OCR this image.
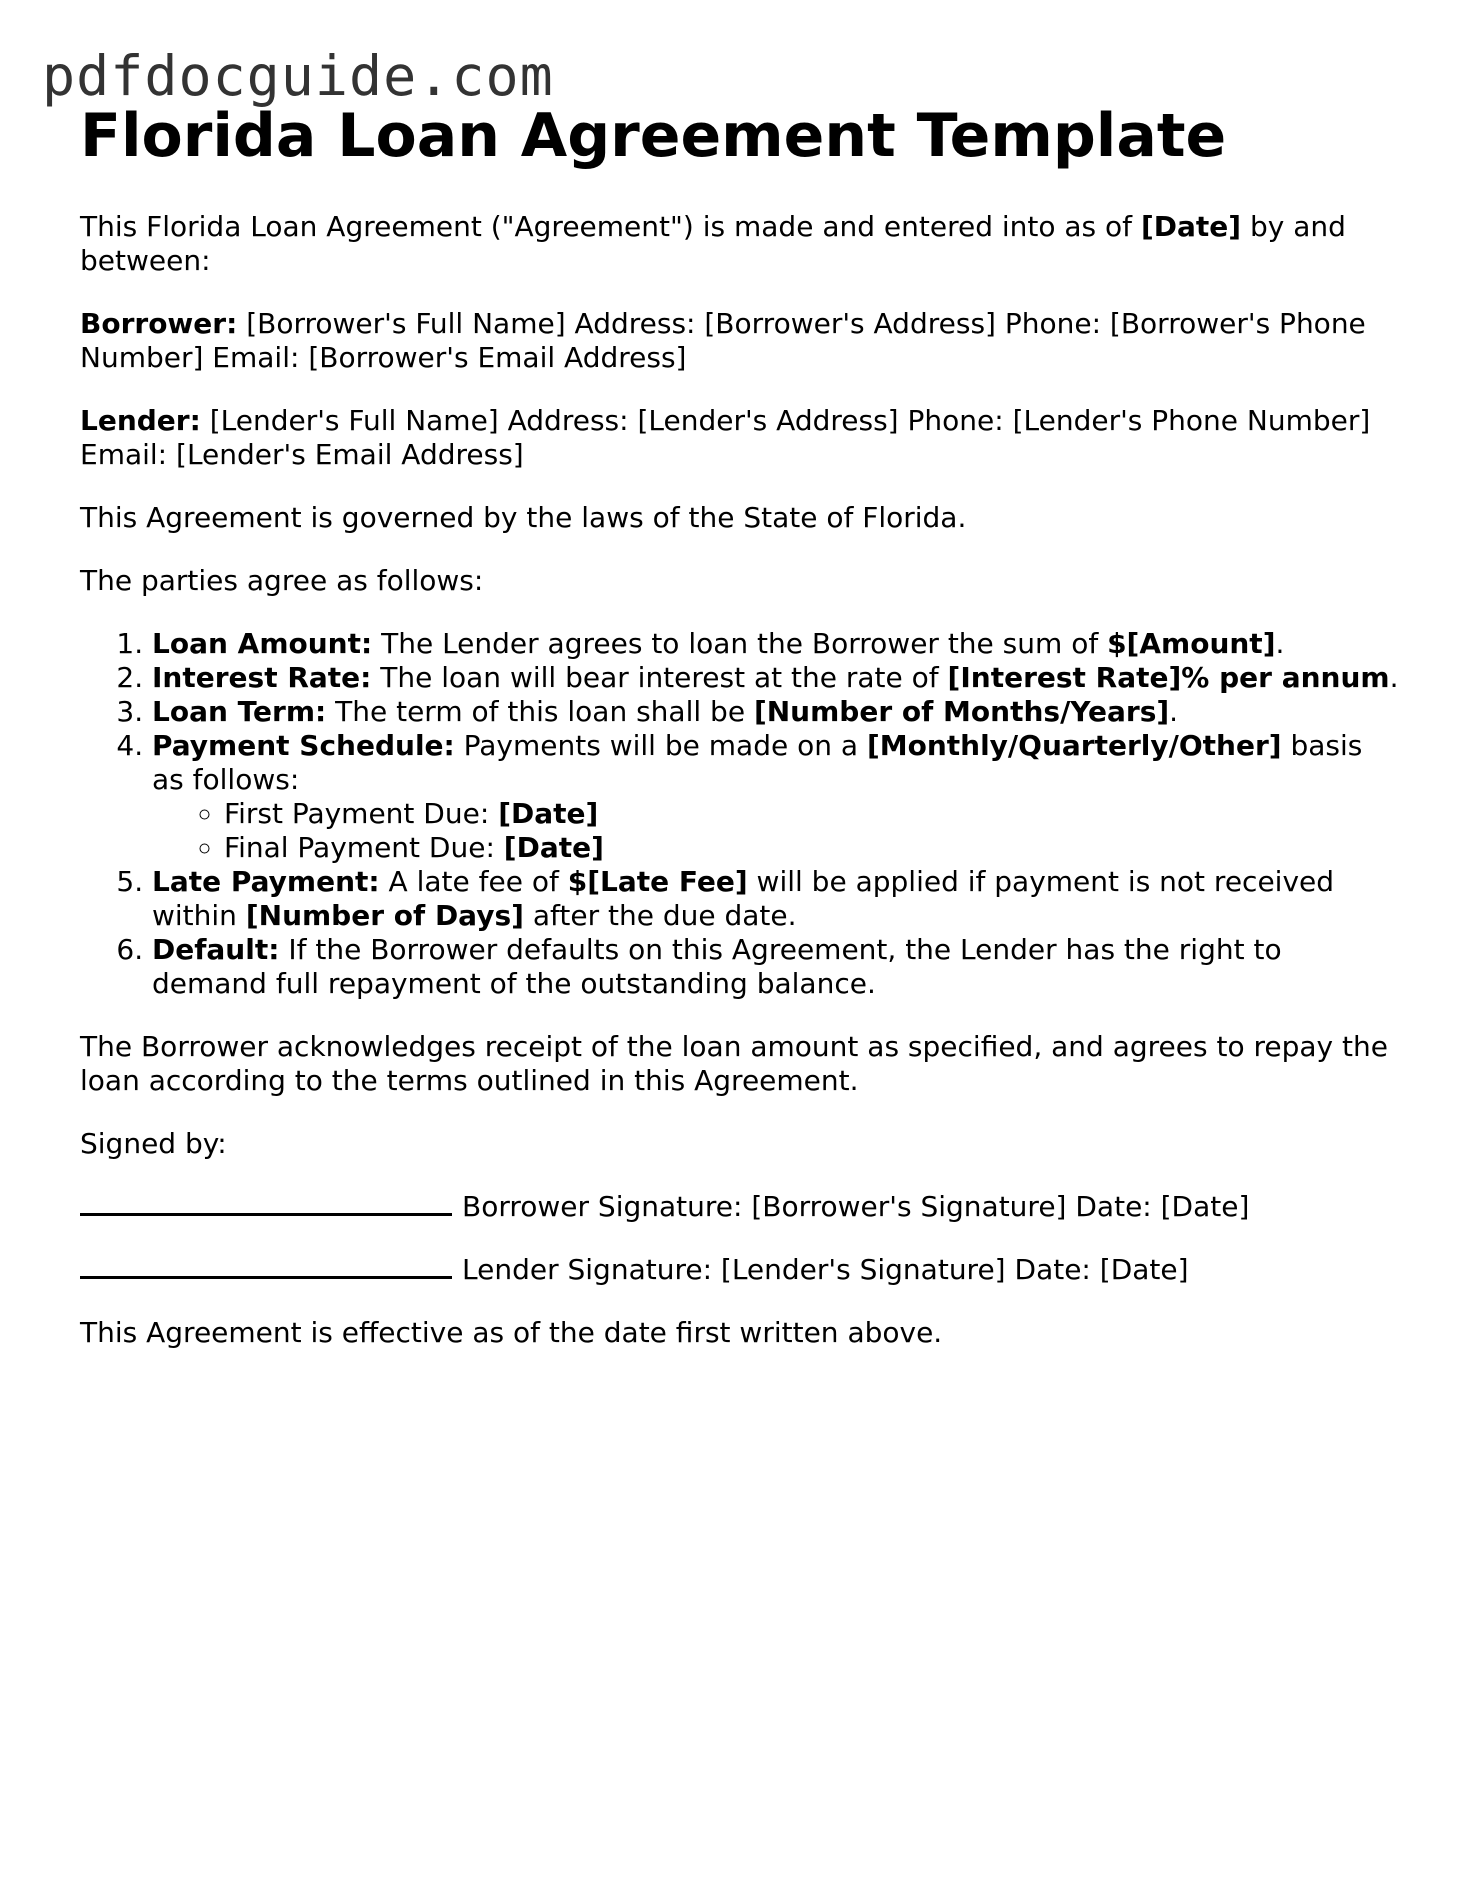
pdfdocguide.com
Florida Loan Agreement Template

This Florida Loan Agreement ("Agreement") is made and entered into as of [Date] by and between:

Borrower: [Borrower's Full Name] Address: [Borrower's Address] Phone: [Borrower's Phone Number] Email: [Borrower's Email Address]

Lender: [Lender's Full Name] Address: [Lender's Address] Phone: [Lender's Phone Number] Email: [Lender's Email Address]

This Agreement is governed by the laws of the State of Florida.

The parties agree as follows:

1. Loan Amount: The Lender agrees to loan the Borrower the sum of $[Amount].
2. Interest Rate: The loan will bear interest at the rate of [Interest Rate]% per annum.
3. Loan Term: The term of this loan shall be [Number of Months/Years].
4. Payment Schedule: Payments will be made on a [Monthly/Quarterly/Other] basis as follows:
◦ First Payment Due: [Date]
◦ Final Payment Due: [Date]
5. Late Payment: A late fee of $[Late Fee] will be applied if payment is not received within [Number of Days] after the due date.
6. Default: If the Borrower defaults on this Agreement, the Lender has the right to demand full repayment of the outstanding balance.

The Borrower acknowledges receipt of the loan amount as specified, and agrees to repay the loan according to the terms outlined in this Agreement.

Signed by:

Borrower Signature: [Borrower's Signature] Date: [Date]

Lender Signature: [Lender's Signature] Date: [Date]

This Agreement is effective as of the date first written above.
